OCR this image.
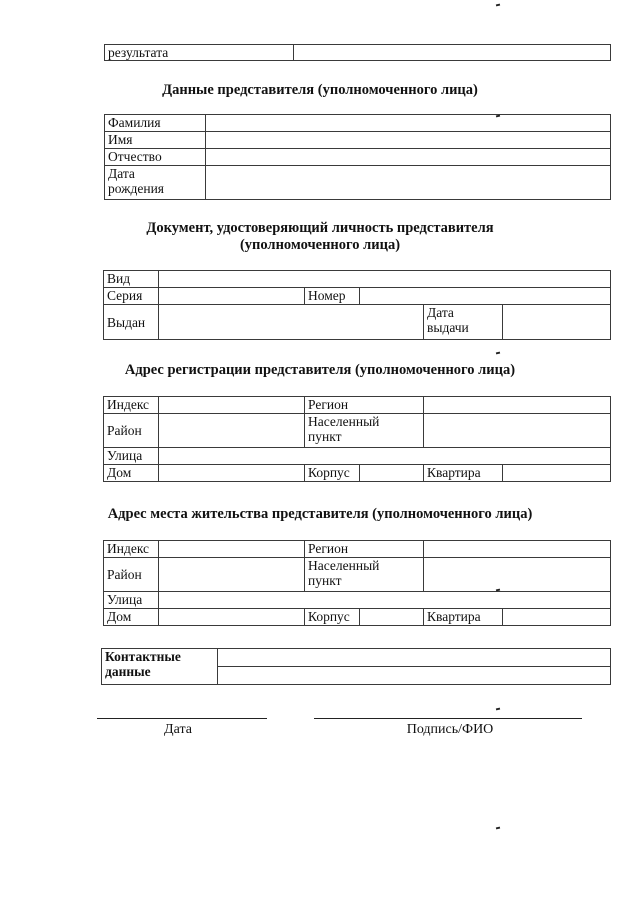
результата	
Данные представителя (уполномоченного лица)
Фамилия	
Имя	
Отчество	
Дата
рождения	
Документ, удостоверяющий личность представителя
(уполномоченного лица)
Вид					
Серия		Номер			
Выдан				Дата
выдачи	
Адрес регистрации представителя (уполномоченного лица)
Индекс		Регион			
Район		Населенный
пункт			
Улица					
Дом		Корпус		Квартира	
Адрес места жительства представителя (уполномоченного лица)
Индекс		Регион			
Район		Населенный
пункт			
Улица					
Дом		Корпус		Квартира	
Контактные
данные	

Дата	Подпись/ФИО
